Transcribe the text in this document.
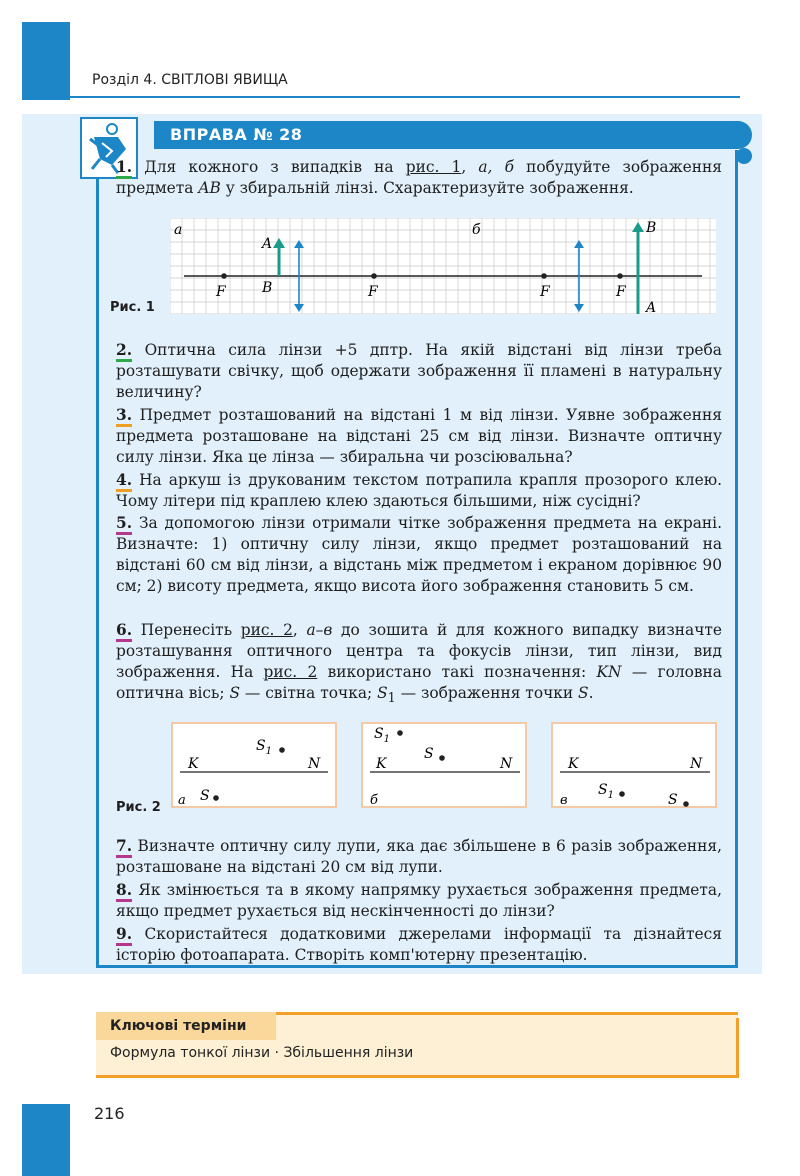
Розділ 4. СВІТЛОВІ ЯВИЩА
ВПРАВА № 28

1. Для кожного з випадків на рис. 1, а, б побудуйте зображення предмета AB у збиральній лінзі. Схарактеризуйте зображення.

Рис. 1
а
F	F
A
B
б
F	F
B
A

2. Оптична сила лінзи +5 дптр. На якій відстані від лінзи треба розташувати свічку, щоб одержати зображення її пламені в натуральну величину?

3. Предмет розташований на відстані 1 м від лінзи. Уявне зображення предмета розташоване на відстані 25 см від лінзи. Визначте оптичну силу лінзи. Яка це лінза — збиральна чи розсіювальна?

4. На аркуш із друкованим текстом потрапила крапля прозорого клею. Чому літери під краплею клею здаються більшими, ніж сусідні?

5. За допомогою лінзи отримали чітке зображення предмета на екрані. Визначте: 1) оптичну силу лінзи, якщо предмет розташований на відстані 60 см від лінзи, а відстань між предметом і екраном дорівнює 90 см; 2) висоту предмета, якщо висота його зображення становить 5 см.

6. Перенесіть рис. 2, а–в до зошита й для кожного випадку визначте розташування оптичного центра та фокусів лінзи, тип лінзи, вид зображення. На рис. 2 використано такі позначення: KN — головна оптична вісь; S — світна точка; $S_1$ — зображення точки S.

Рис. 2
K	N
$S_1$
S
а
K	N
$S_1$
S
б
K	N
$S_1$	S
в

7. Визначте оптичну силу лупи, яка дає збільшене в 6 разів зображення, розташоване на відстані 20 см від лупи.

8. Як змінюється та в якому напрямку рухається зображення предмета, якщо предмет рухається від нескінченності до лінзи?

9. Скористайтеся додатковими джерелами інформації та дізнайтеся історію фотоапарата. Створіть комп'ютерну презентацію.

Ключові терміни
Формула тонкої лінзи · Збільшення лінзи
216
